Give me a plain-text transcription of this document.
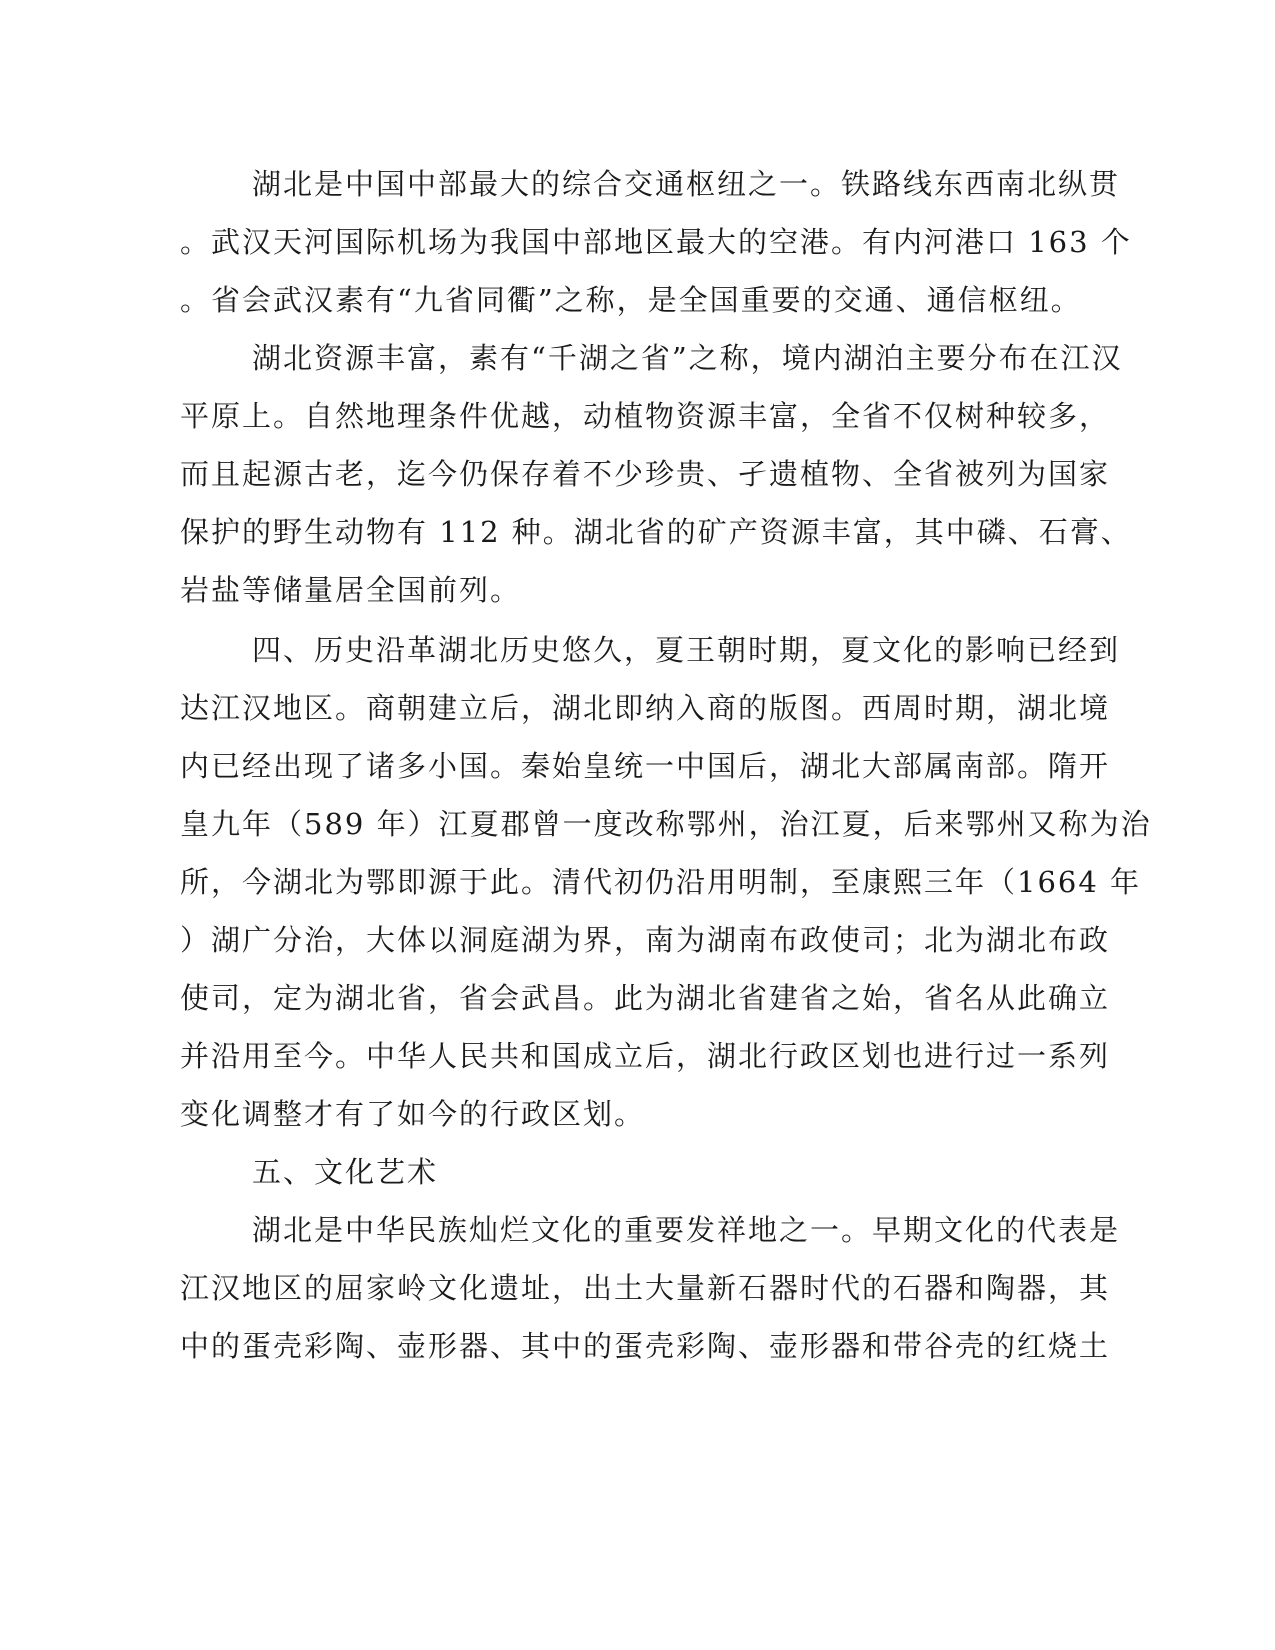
湖北是中国中部最大的综合交通枢纽之一。铁路线东西南北纵贯
。武汉天河国际机场为我国中部地区最大的空港。有内河港口 163 个
。省会武汉素有“九省同衢”之称，是全国重要的交通、通信枢纽。
湖北资源丰富，素有“千湖之省”之称，境内湖泊主要分布在江汉
平原上。自然地理条件优越，动植物资源丰富，全省不仅树种较多，
而且起源古老，迄今仍保存着不少珍贵、孑遗植物、全省被列为国家
保护的野生动物有 112 种。湖北省的矿产资源丰富，其中磷、石膏、
岩盐等储量居全国前列。
四、历史沿革湖北历史悠久，夏王朝时期，夏文化的影响已经到
达江汉地区。商朝建立后，湖北即纳入商的版图。西周时期，湖北境
内已经出现了诸多小国。秦始皇统一中国后，湖北大部属南部。隋开
皇九年（589 年）江夏郡曾一度改称鄂州，治江夏，后来鄂州又称为治
所，今湖北为鄂即源于此。清代初仍沿用明制，至康熙三年（1664 年
）湖广分治，大体以洞庭湖为界，南为湖南布政使司；北为湖北布政
使司，定为湖北省，省会武昌。此为湖北省建省之始，省名从此确立
并沿用至今。中华人民共和国成立后，湖北行政区划也进行过一系列
变化调整才有了如今的行政区划。
五、文化艺术
湖北是中华民族灿烂文化的重要发祥地之一。早期文化的代表是
江汉地区的屈家岭文化遗址，出土大量新石器时代的石器和陶器，其
中的蛋壳彩陶、壶形器、其中的蛋壳彩陶、壶形器和带谷壳的红烧土
